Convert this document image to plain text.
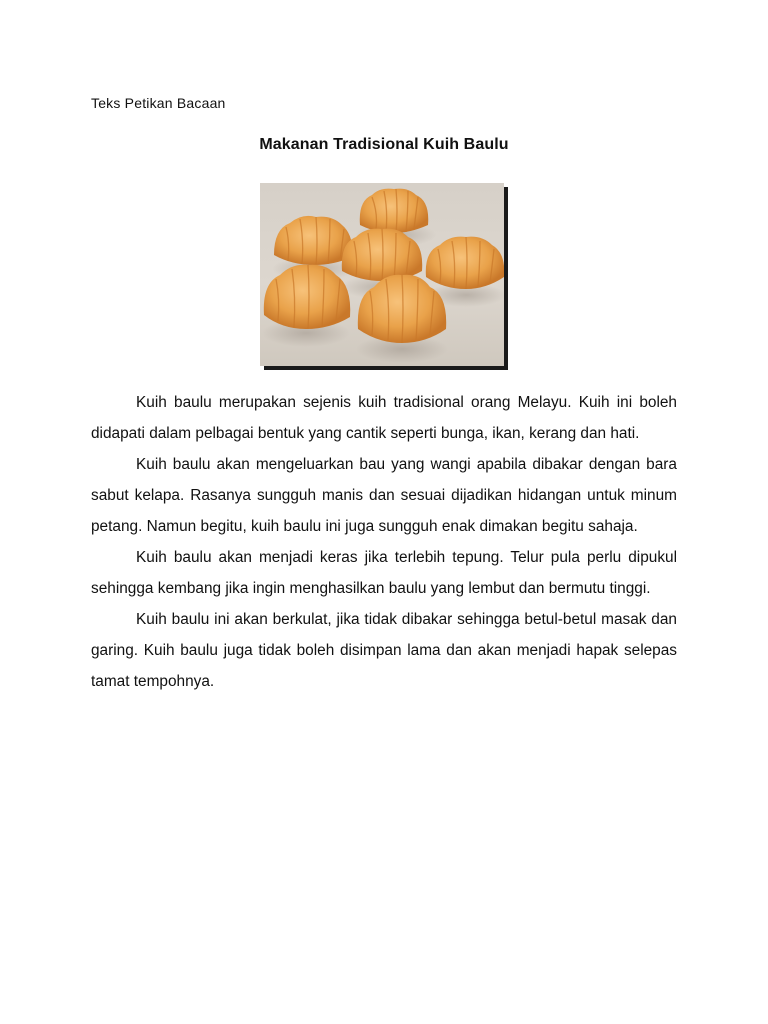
Teks Petikan Bacaan
Makanan Tradisional Kuih Baulu

Kuih baulu merupakan sejenis kuih tradisional orang Melayu. Kuih ini boleh didapati dalam pelbagai bentuk yang cantik seperti bunga, ikan, kerang dan hati.

Kuih baulu akan mengeluarkan bau yang wangi apabila dibakar dengan bara sabut kelapa. Rasanya sungguh manis dan sesuai dijadikan hidangan untuk minum petang. Namun begitu, kuih baulu ini juga sungguh enak dimakan begitu sahaja.

Kuih baulu akan menjadi keras jika terlebih tepung. Telur pula perlu dipukul sehingga kembang jika ingin menghasilkan baulu yang lembut dan bermutu tinggi.

Kuih baulu ini akan berkulat, jika tidak dibakar sehingga betul-betul masak dan garing. Kuih baulu juga tidak boleh disimpan lama dan akan menjadi hapak selepas tamat tempohnya.
